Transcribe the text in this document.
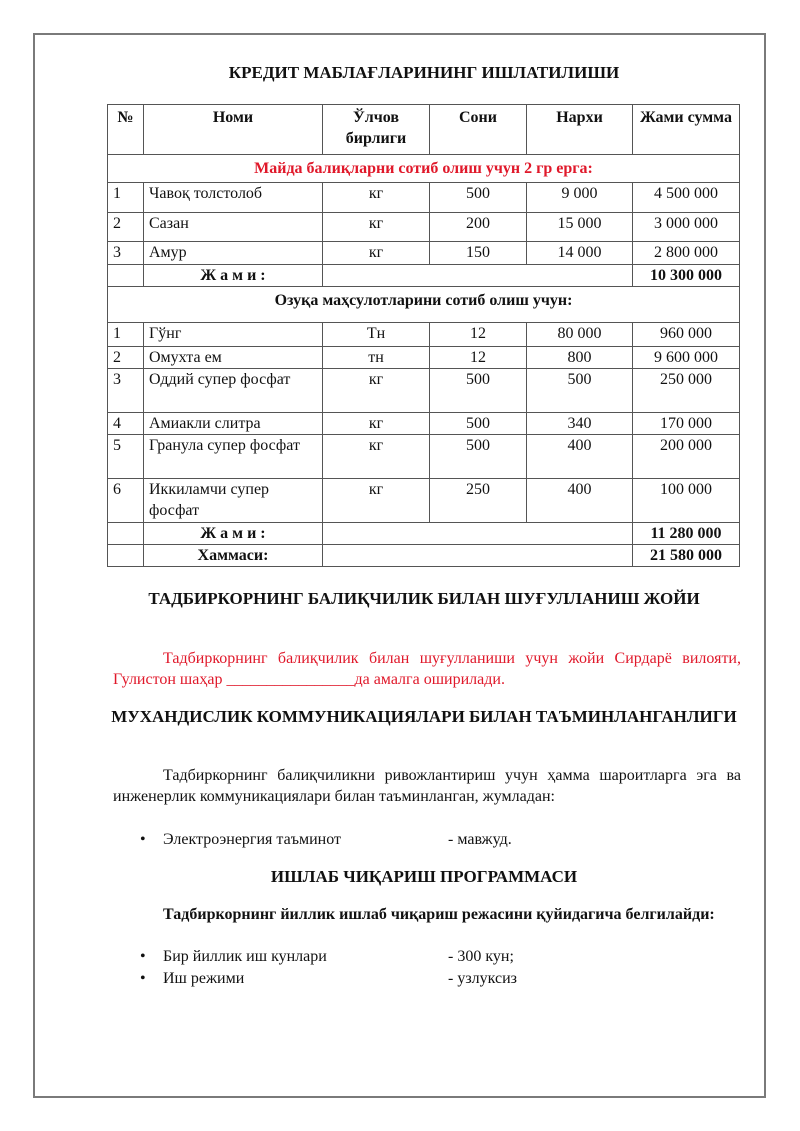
КРЕДИТ МАБЛАҒЛАРИНИНГ ИШЛАТИЛИШИ
№	Номи	Ўлчов бирлиги	Сони	Нархи	Жами сумма
Майда балиқларни сотиб олиш учун 2 гр ерга:					
1	Чавоқ толстолоб	кг	500	9 000	4 500 000
2	Сазан	кг	200	15 000	3 000 000
3	Амур	кг	150	14 000	2 800 000
	Ж а м и :				10 300 000
Озуқа маҳсулотларини сотиб олиш учун:					
1	Гўнг	Тн	12	80 000	960 000
2	Омухта ем	тн	12	800	9 600 000
3	Оддий супер фосфат	кг	500	500	250 000
4	Амиакли слитра	кг	500	340	170 000
5	Гранула супер фосфат	кг	500	400	200 000
6	Иккиламчи супер фосфат	кг	250	400	100 000
	Ж а м и :				11 280 000
	Хаммаси:				21 580 000
ТАДБИРКОРНИНГ БАЛИҚЧИЛИК БИЛАН ШУҒУЛЛАНИШ ЖОЙИ

Тадбиркорнинг балиқчилик билан шуғулланиши учун жойи Сирдарё вилояти, Гулистон шаҳар ________________да амалга оширилади.

МУХАНДИСЛИК КОММУНИКАЦИЯЛАРИ БИЛАН ТАЪМИНЛАНГАНЛИГИ

Тадбиркорнинг балиқчиликни ривожлантириш учун ҳамма шароитларга эга ва инженерлик коммуникациялари билан таъминланган, жумладан:

• Электроэнергия таъминот	- мавжуд.
ИШЛАБ ЧИҚАРИШ ПРОГРАММАСИ

Тадбиркорнинг йиллик ишлаб чиқариш режасини қуйидагича белгилайди:

• Бир йиллик иш кунлари	- 300 кун;
• Иш режими	- узлуксиз
